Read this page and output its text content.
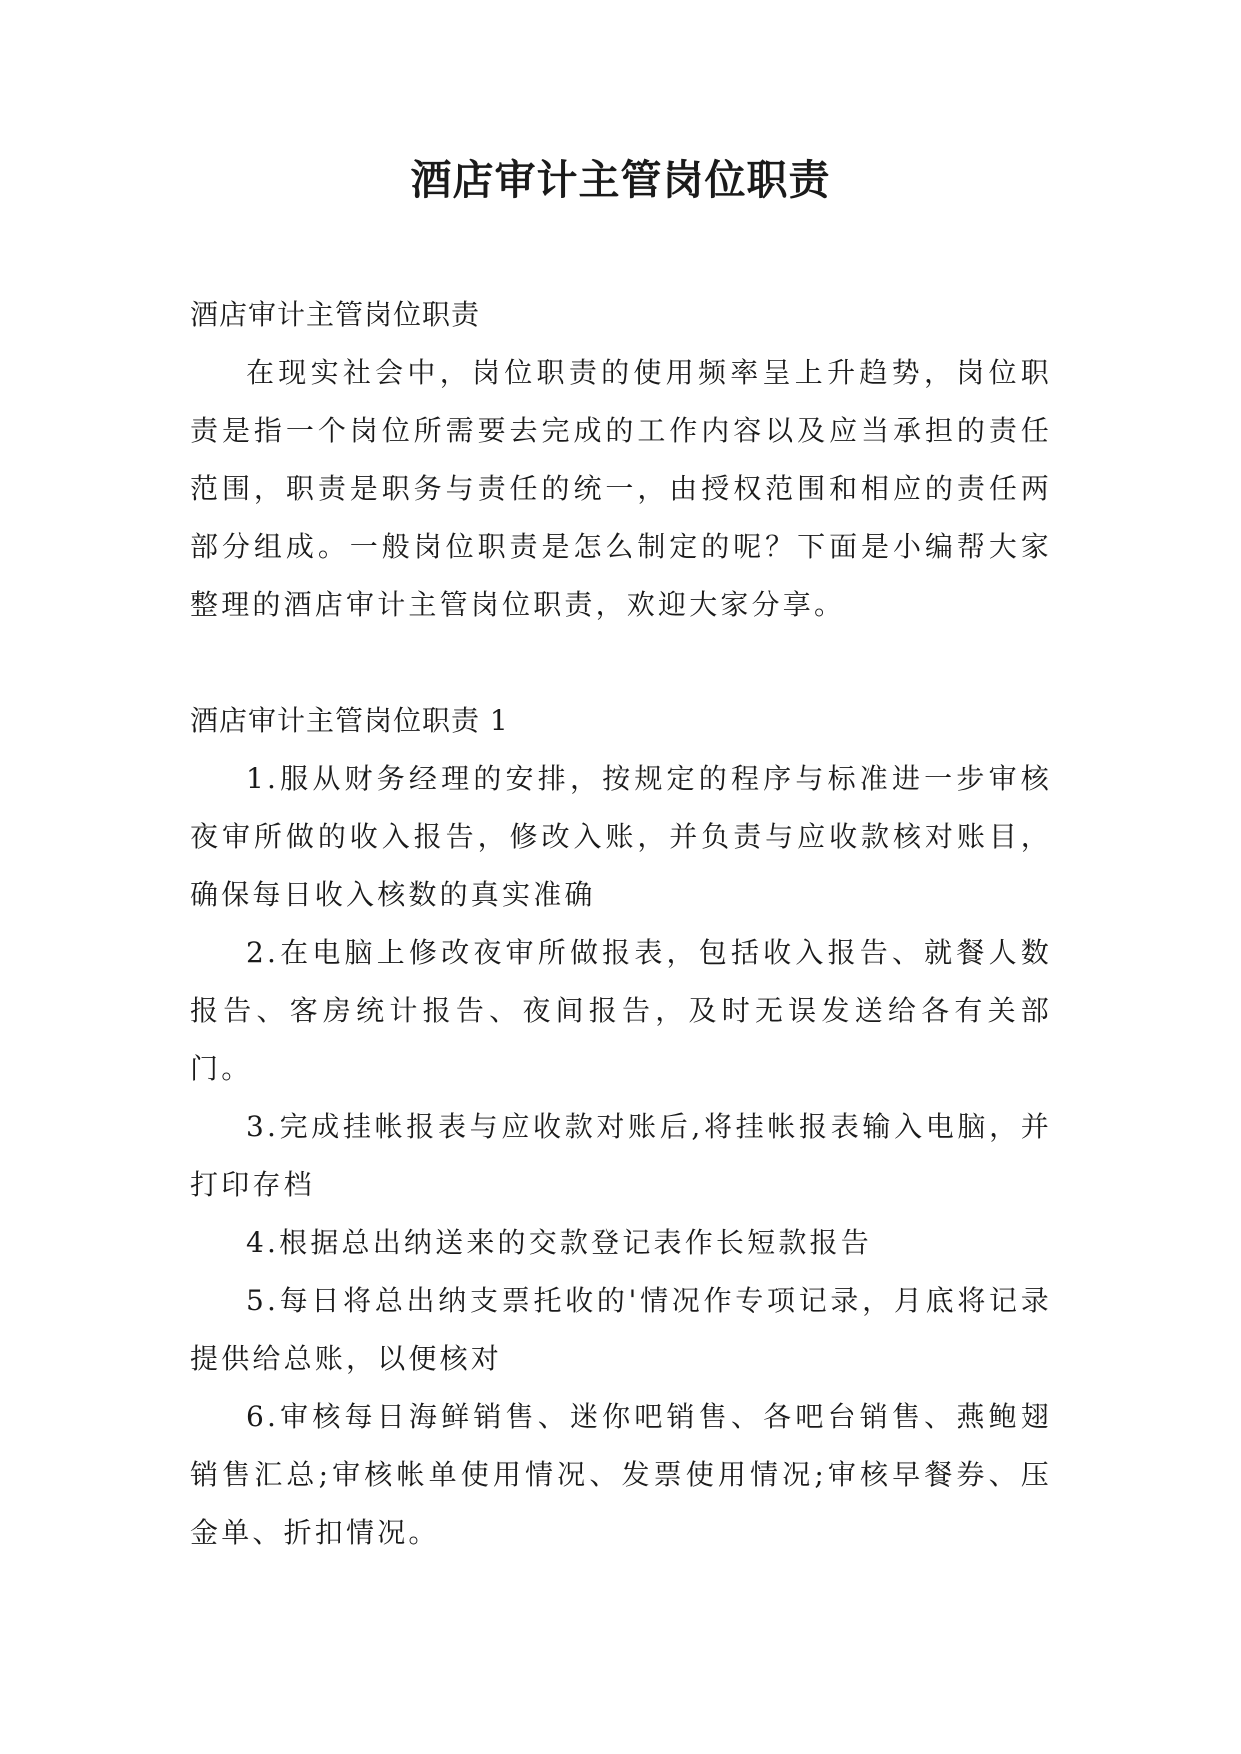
酒店审计主管岗位职责

酒店审计主管岗位职责

在现实社会中，岗位职责的使用频率呈上升趋势，岗位职责是指一个岗位所需要去完成的工作内容以及应当承担的责任范围，职责是职务与责任的统一，由授权范围和相应的责任两部分组成。一般岗位职责是怎么制定的呢？下面是小编帮大家整理的酒店审计主管岗位职责，欢迎大家分享。

酒店审计主管岗位职责 1

1.服从财务经理的安排，按规定的程序与标准进一步审核夜审所做的收入报告，修改入账，并负责与应收款核对账目，确保每日收入核数的真实准确

2.在电脑上修改夜审所做报表，包括收入报告、就餐人数报告、客房统计报告、夜间报告，及时无误发送给各有关部门。

3.完成挂帐报表与应收款对账后,将挂帐报表输入电脑，并打印存档

4.根据总出纳送来的交款登记表作长短款报告

5.每日将总出纳支票托收的'情况作专项记录，月底将记录提供给总账，以便核对

6.审核每日海鲜销售、迷你吧销售、各吧台销售、燕鲍翅销售汇总;审核帐单使用情况、发票使用情况;审核早餐券、压金单、折扣情况。
